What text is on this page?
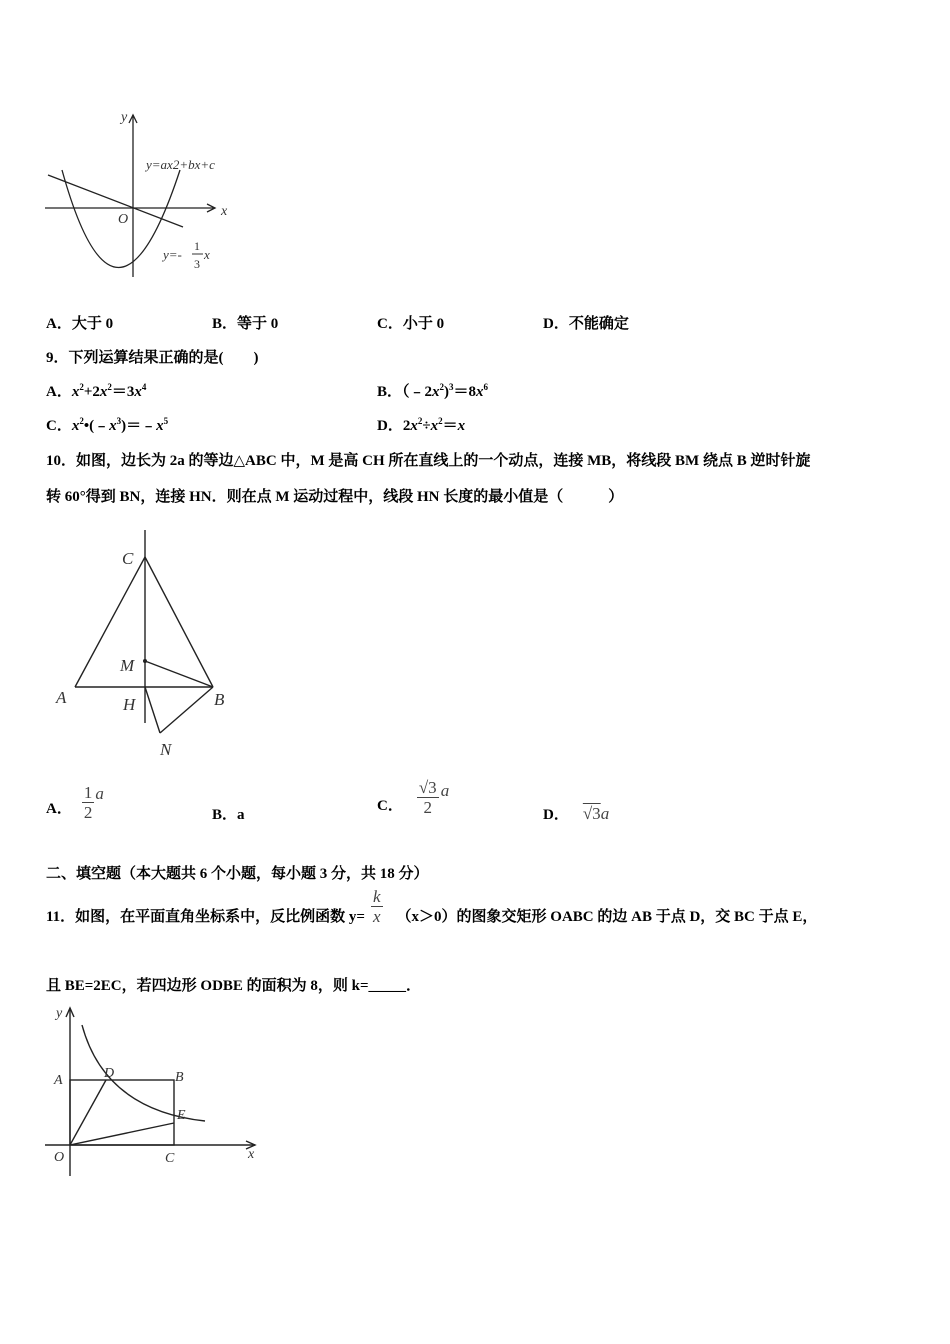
y
x
O
y=ax2+bx+c
y=-
1
3
x
A．大于 0	B．等于 0	C．小于 0	D．不能确定
9．下列运算结果正确的是(　　)
A．$x^2+2x^2=3x^4$	B．$(﹣2x^2)^3=8x^6$
C．$x^2•(﹣x^3)=﹣x^5$	D．$2x^2\div x^2=x$
10．如图，边长为 2a 的等边△ABC 中，M 是高 CH 所在直线上的一个动点，连接 MB，将线段 BM 绕点 B 逆时针旋
转 60°得到 BN，连接 HN．则在点 M 运动过程中，线段 HN 长度的最小值是（　　　）
C
M
A	H	B
N
A． $\frac{1}{2}$ a
B．a
C． $\frac{√3}{2}$ a
D． √3a
二、填空题（本大题共 6 个小题，每小题 3 分，共 18 分）
11．如图，在平面直角坐标系中，反比例函数 $y= \frac{k}{x} (x>0)$的图象交矩形 OABC 的边 AB 于点 D，交 BC 于点 E，
且 BE=2EC，若四边形 ODBE 的面积为 8，则 k=_____．
y
x
O
A	D	B
E
C
